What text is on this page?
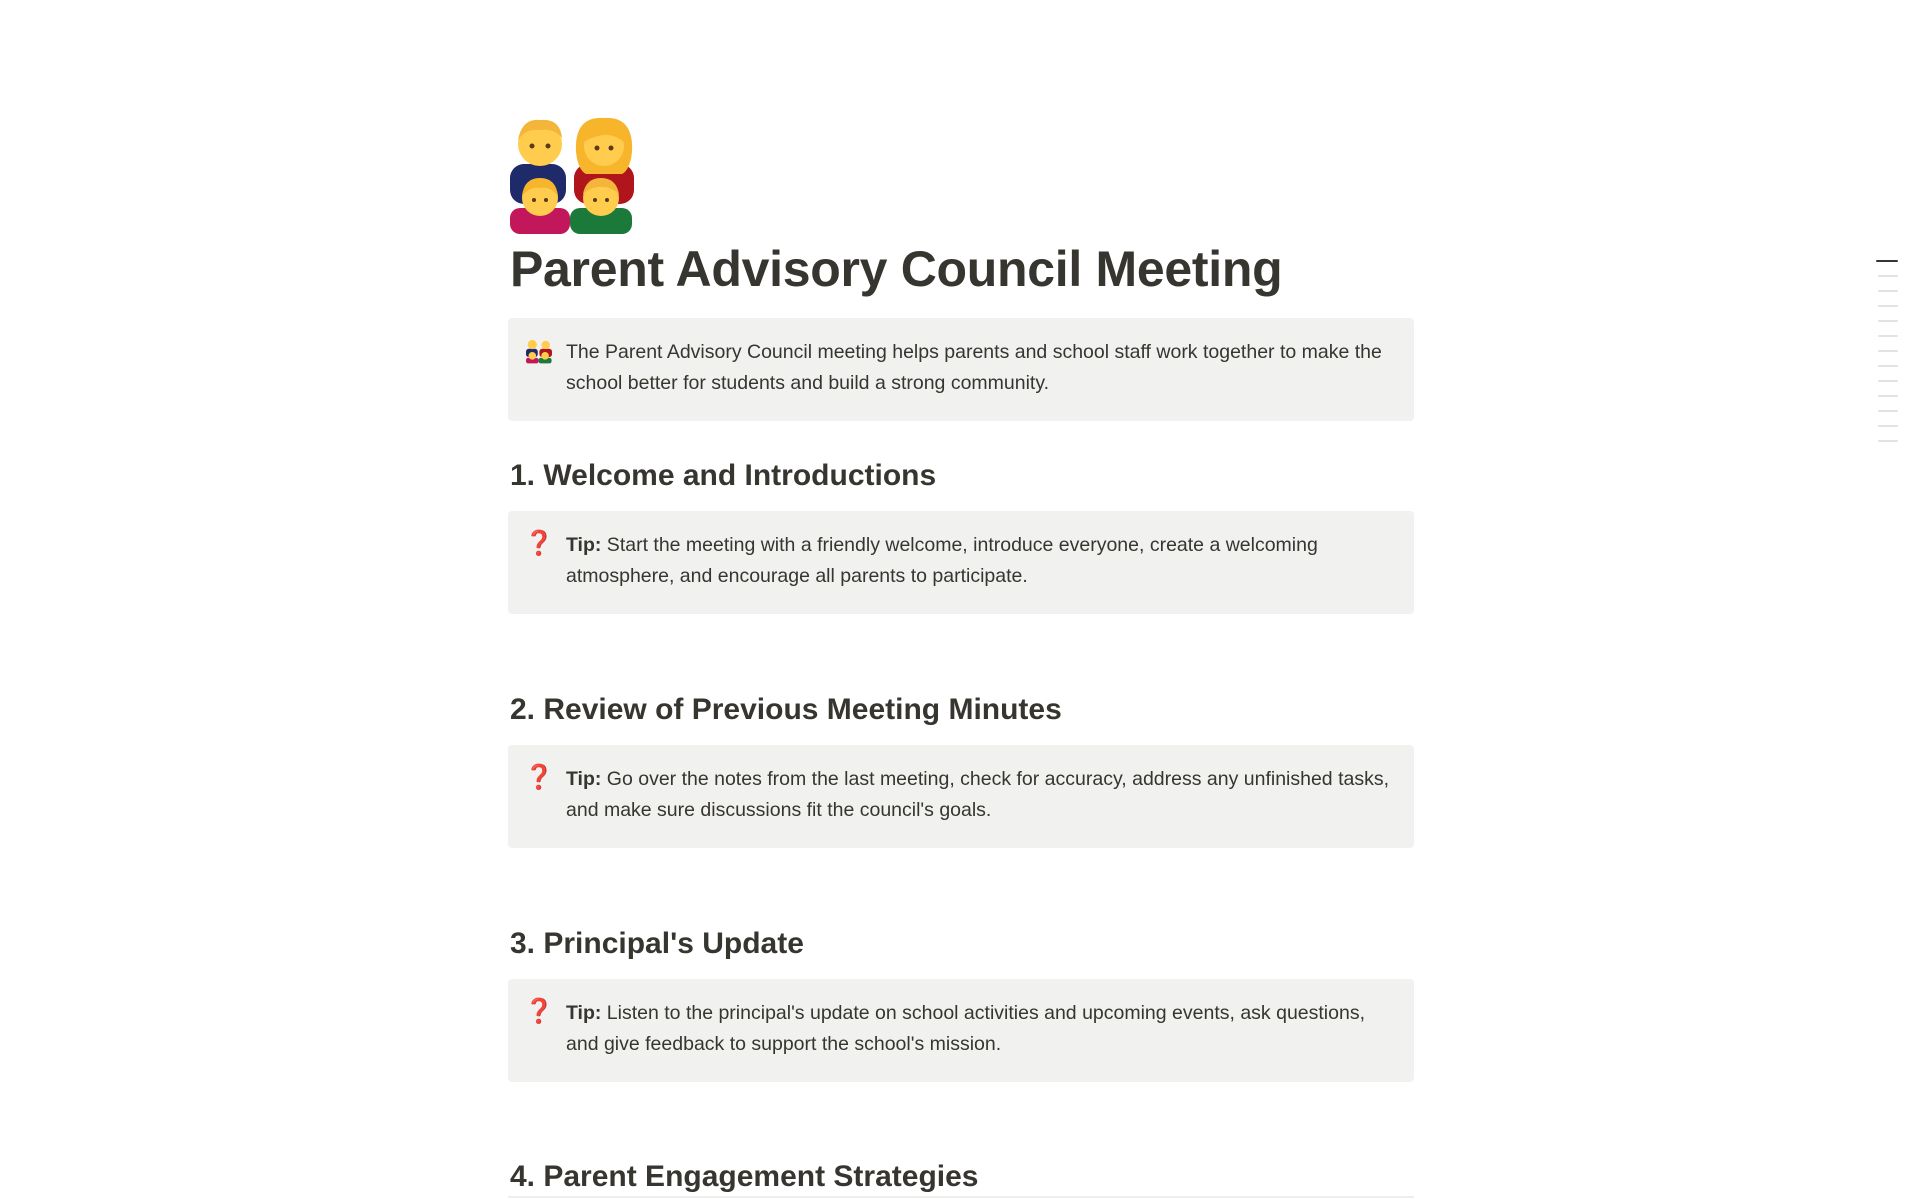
Parent Advisory Council Meeting
The Parent Advisory Council meeting helps parents and school staff work together to make the school better for students and build a strong community.
1. Welcome and Introductions
❓ Tip: Start the meeting with a friendly welcome, introduce everyone, create a welcoming atmosphere, and encourage all parents to participate.
2. Review of Previous Meeting Minutes
❓ Tip: Go over the notes from the last meeting, check for accuracy, address any unfinished tasks, and make sure discussions fit the council's goals.
3. Principal's Update
❓ Tip: Listen to the principal's update on school activities and upcoming events, ask questions, and give feedback to support the school's mission.
4. Parent Engagement Strategies
